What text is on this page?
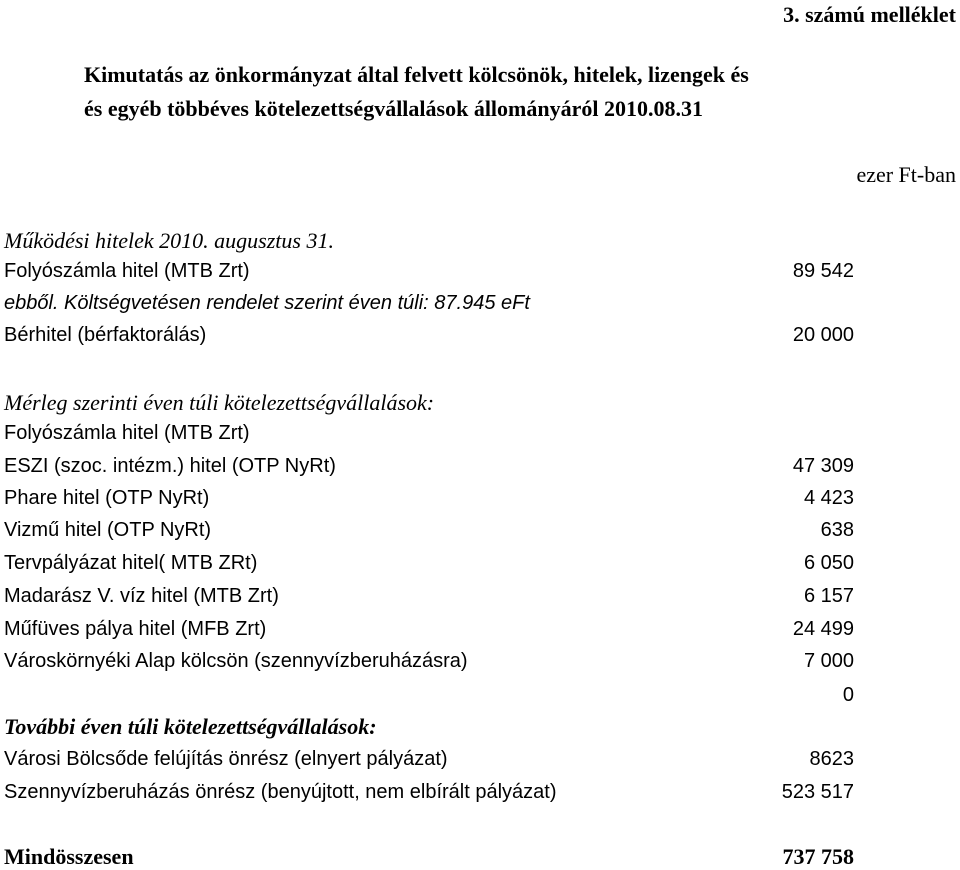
3. számú melléklet
Kimutatás az önkormányzat által felvett kölcsönök, hitelek, lizengek és
és egyéb többéves kötelezettségvállalások állományáról 2010.08.31
ezer Ft-ban
Működési hitelek 2010. augusztus 31.
Folyószámla hitel (MTB Zrt)	89 542
ebből. Költségvetésen rendelet szerint éven túli: 87.945 eFt
Bérhitel (bérfaktorálás)	20 000
Mérleg szerinti éven túli kötelezettségvállalások:
Folyószámla hitel (MTB Zrt)
ESZI (szoc. intézm.) hitel (OTP NyRt)	47 309
Phare hitel (OTP NyRt)	4 423
Vizmű hitel (OTP NyRt)	638
Tervpályázat hitel( MTB ZRt)	6 050
Madarász V. víz hitel (MTB Zrt)	6 157
Műfüves pálya hitel (MFB Zrt)	24 499
Városkörnyéki Alap kölcsön (szennyvízberuházásra)	7 000
0
További éven túli kötelezettségvállalások:
Városi Bölcsőde felújítás önrész (elnyert pályázat)	8623
Szennyvízberuházás önrész (benyújtott, nem elbírált pályázat)	523 517
Mindösszesen	737 758
